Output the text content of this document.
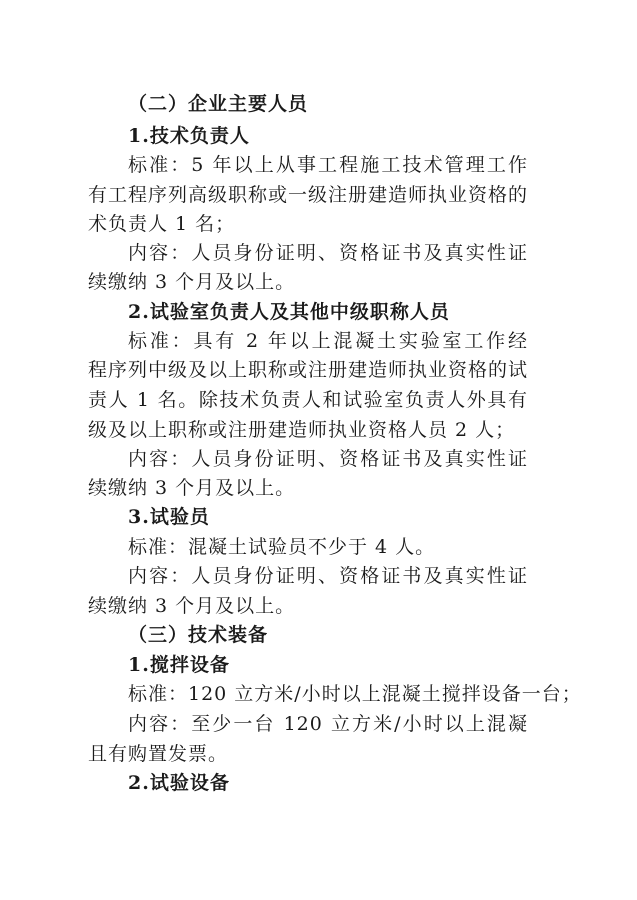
（二）企业主要人员
1.技术负责人
标准：5 年以上从事工程施工技术管理工作
有工程序列高级职称或一级注册建造师执业资格的
术负责人 1 名；
内容：人员身份证明、资格证书及真实性证
续缴纳 3 个月及以上。
2.试验室负责人及其他中级职称人员
标准：具有 2 年以上混凝土实验室工作经
程序列中级及以上职称或注册建造师执业资格的试
责人 1 名。除技术负责人和试验室负责人外具有
级及以上职称或注册建造师执业资格人员 2 人；
内容：人员身份证明、资格证书及真实性证
续缴纳 3 个月及以上。
3.试验员
标准：混凝土试验员不少于 4 人。
内容：人员身份证明、资格证书及真实性证
续缴纳 3 个月及以上。
（三）技术装备
1.搅拌设备
标准：120 立方米/小时以上混凝土搅拌设备一台；
内容：至少一台 120 立方米/小时以上混凝
且有购置发票。
2.试验设备
